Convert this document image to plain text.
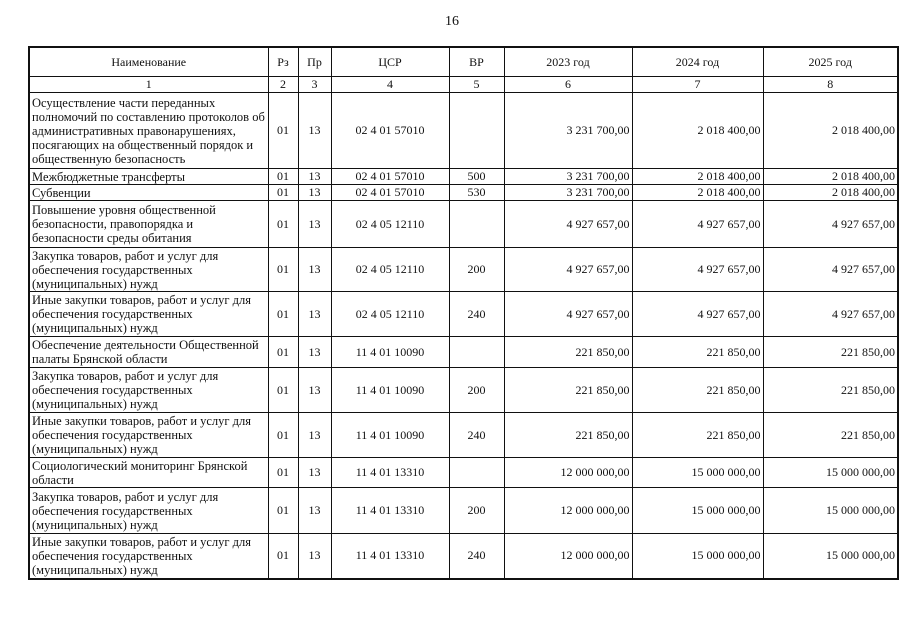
16
Наименование	Рз	Пр	ЦСР	ВР	2023 год	2024 год	2025 год
1	2	3	4	5	6	7	8
Осуществление части переданных полномочий по составлению протоколов об административных правонарушениях, посягающих на общественный порядок и общественную безопасность	01	13	02 4 01 57010		3 231 700,00	2 018 400,00	2 018 400,00
Межбюджетные трансферты	01	13	02 4 01 57010	500	3 231 700,00	2 018 400,00	2 018 400,00
Субвенции	01	13	02 4 01 57010	530	3 231 700,00	2 018 400,00	2 018 400,00
Повышение уровня общественной безопасности, правопорядка и безопасности среды обитания	01	13	02 4 05 12110		4 927 657,00	4 927 657,00	4 927 657,00
Закупка товаров, работ и услуг для обеспечения государственных (муниципальных) нужд	01	13	02 4 05 12110	200	4 927 657,00	4 927 657,00	4 927 657,00
Иные закупки товаров, работ и услуг для обеспечения государственных (муниципальных) нужд	01	13	02 4 05 12110	240	4 927 657,00	4 927 657,00	4 927 657,00
Обеспечение деятельности Общественной палаты Брянской области	01	13	11 4 01 10090		221 850,00	221 850,00	221 850,00
Закупка товаров, работ и услуг для обеспечения государственных (муниципальных) нужд	01	13	11 4 01 10090	200	221 850,00	221 850,00	221 850,00
Иные закупки товаров, работ и услуг для обеспечения государственных (муниципальных) нужд	01	13	11 4 01 10090	240	221 850,00	221 850,00	221 850,00
Социологический мониторинг Брянской области	01	13	11 4 01 13310		12 000 000,00	15 000 000,00	15 000 000,00
Закупка товаров, работ и услуг для обеспечения государственных (муниципальных) нужд	01	13	11 4 01 13310	200	12 000 000,00	15 000 000,00	15 000 000,00
Иные закупки товаров, работ и услуг для обеспечения государственных (муниципальных) нужд	01	13	11 4 01 13310	240	12 000 000,00	15 000 000,00	15 000 000,00
